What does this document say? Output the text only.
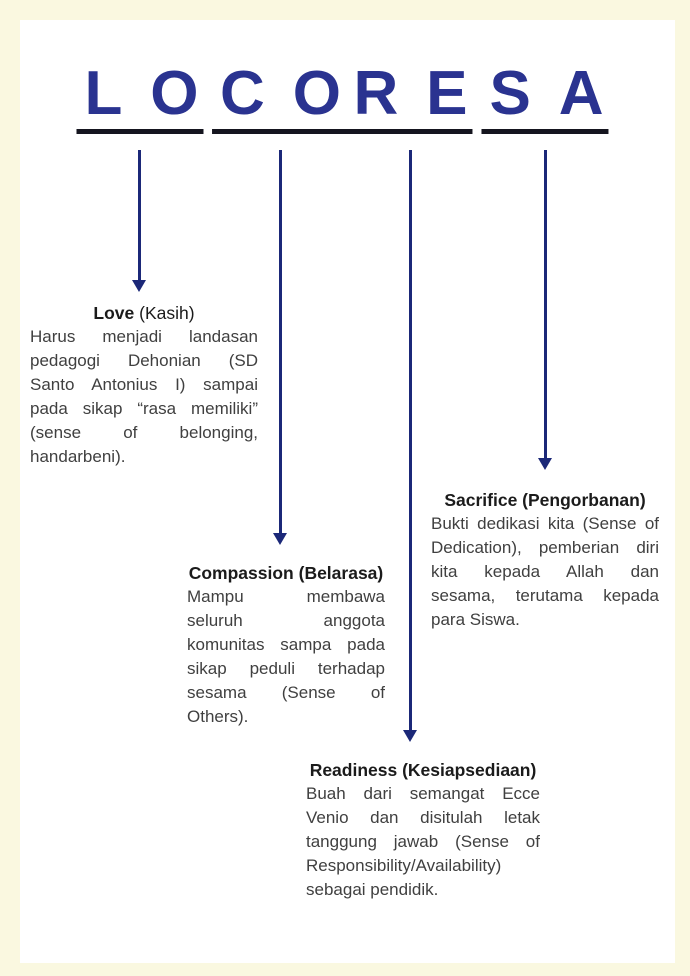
LO
CO
RE
SA
Love (Kasih)

Harus menjadi landasan pedagogi Dehonian (SD Santo Antonius I) sampai pada sikap “rasa memiliki” (sense of belonging, handarbeni).

Compassion (Belarasa)

Mampu membawa seluruh anggota komunitas sampa pada sikap peduli terhadap sesama (Sense of Others).

Sacrifice (Pengorbanan)

Bukti dedikasi kita (Sense of Dedication), pemberian diri kita kepada Allah dan sesama, terutama kepada para Siswa.

Readiness (Kesiapsediaan)

Buah dari semangat Ecce Venio dan disitulah letak tanggung jawab (Sense of Responsibility/Availability) sebagai pendidik.
